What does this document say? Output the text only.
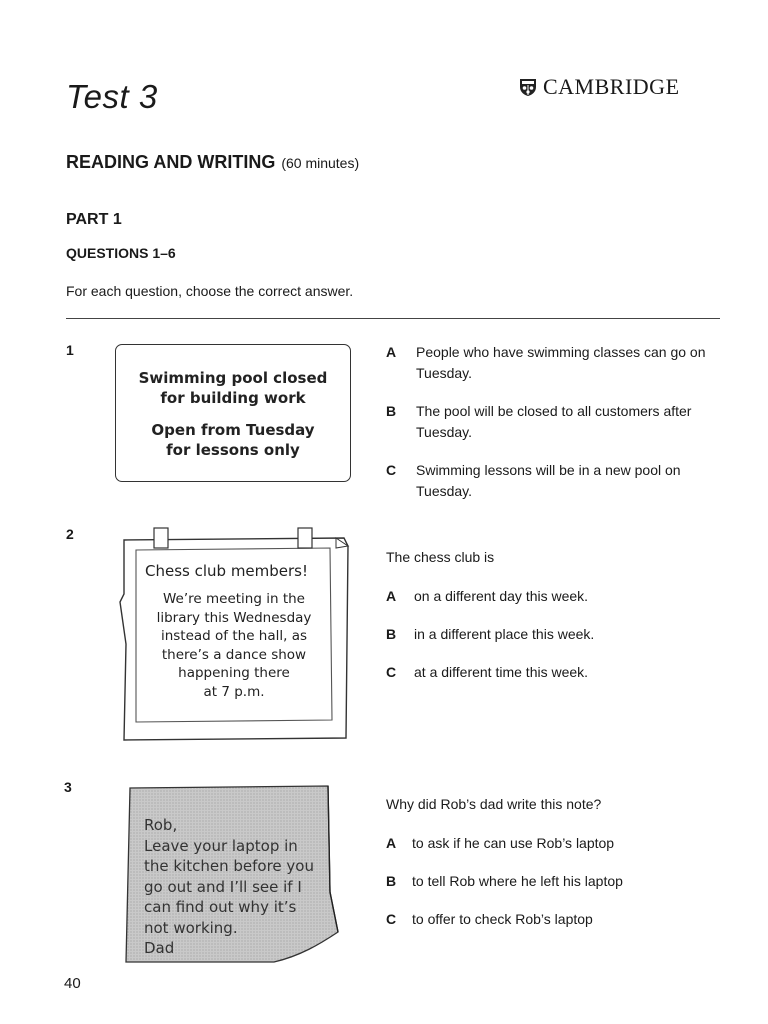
Test 3	CAMBRIDGE
READING AND WRITING (60 minutes)
PART 1
QUESTIONS 1–6
For each question, choose the correct answer.
1
Swimming pool closed
for building work
Open from Tuesday
for lessons only
A	People who have swimming classes can go on Tuesday.
B	The pool will be closed to all customers after Tuesday.
C	Swimming lessons will be in a new pool on Tuesday.
2
Chess club members!
We’re meeting in the
library this Wednesday
instead of the hall, as
there’s a dance show
happening there
at 7 p.m.
The chess club is
A	on a different day this week.
B	in a different place this week.
C	at a different time this week.
3
Rob,
Leave your laptop in
the kitchen before you
go out and I’ll see if I
can find out why it’s
not working.
Dad
Why did Rob’s dad write this note?
A	to ask if he can use Rob’s laptop
B	to tell Rob where he left his laptop
C	to offer to check Rob’s laptop
40
